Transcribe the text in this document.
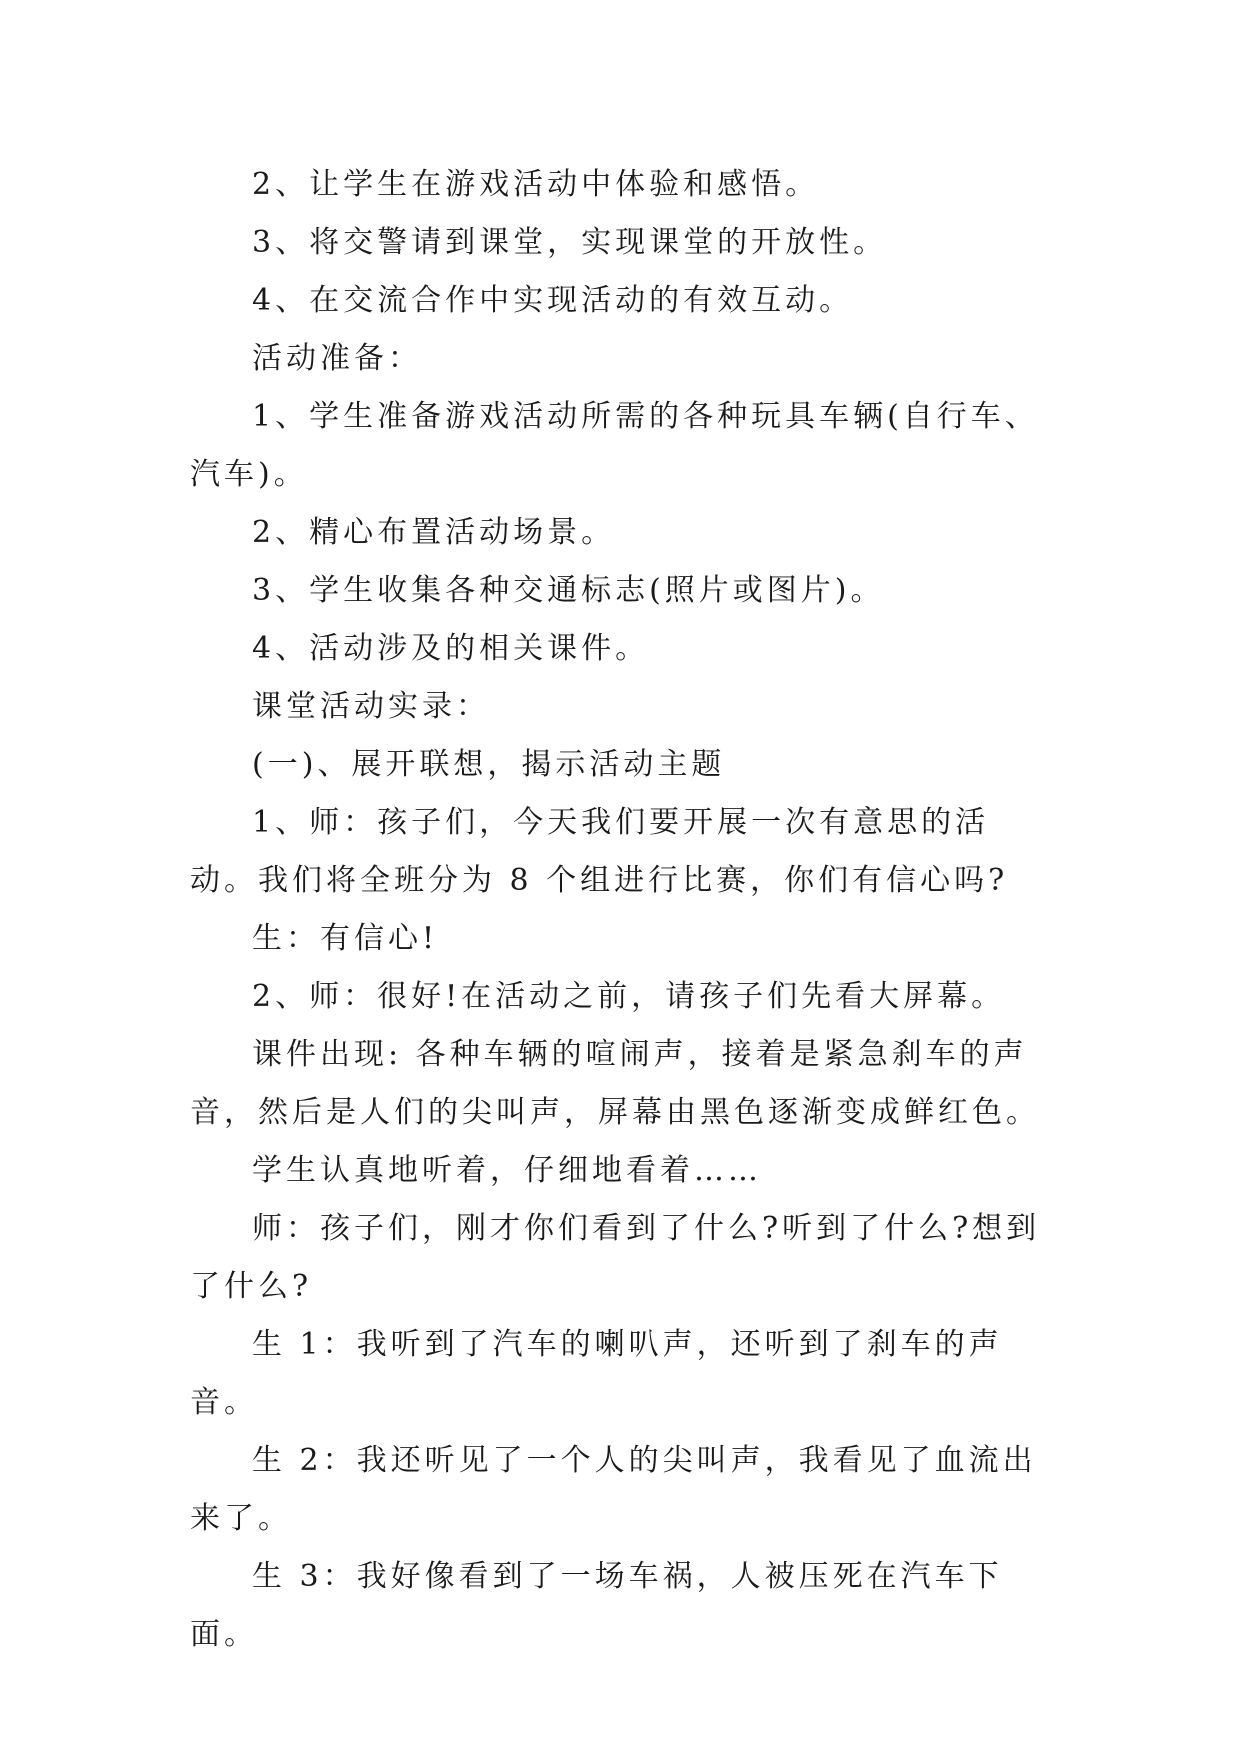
2、让学生在游戏活动中体验和感悟。

3、将交警请到课堂，实现课堂的开放性。

4、在交流合作中实现活动的有效互动。

活动准备：

1、学生准备游戏活动所需的各种玩具车辆(自行车、汽车)。

2、精心布置活动场景。

3、学生收集各种交通标志(照片或图片)。

4、活动涉及的相关课件。

课堂活动实录：

(一)、展开联想，揭示活动主题

1、师：孩子们，今天我们要开展一次有意思的活动。我们将全班分为 8 个组进行比赛，你们有信心吗?

生：有信心!

2、师：很好!在活动之前，请孩子们先看大屏幕。

课件出现: 各种车辆的喧闹声，接着是紧急刹车的声音，然后是人们的尖叫声，屏幕由黑色逐渐变成鲜红色。

学生认真地听着，仔细地看着……

师：孩子们，刚才你们看到了什么?听到了什么?想到了什么?

生 1：我听到了汽车的喇叭声，还听到了刹车的声音。

生 2：我还听见了一个人的尖叫声，我看见了血流出来了。

生 3：我好像看到了一场车祸，人被压死在汽车下面。
